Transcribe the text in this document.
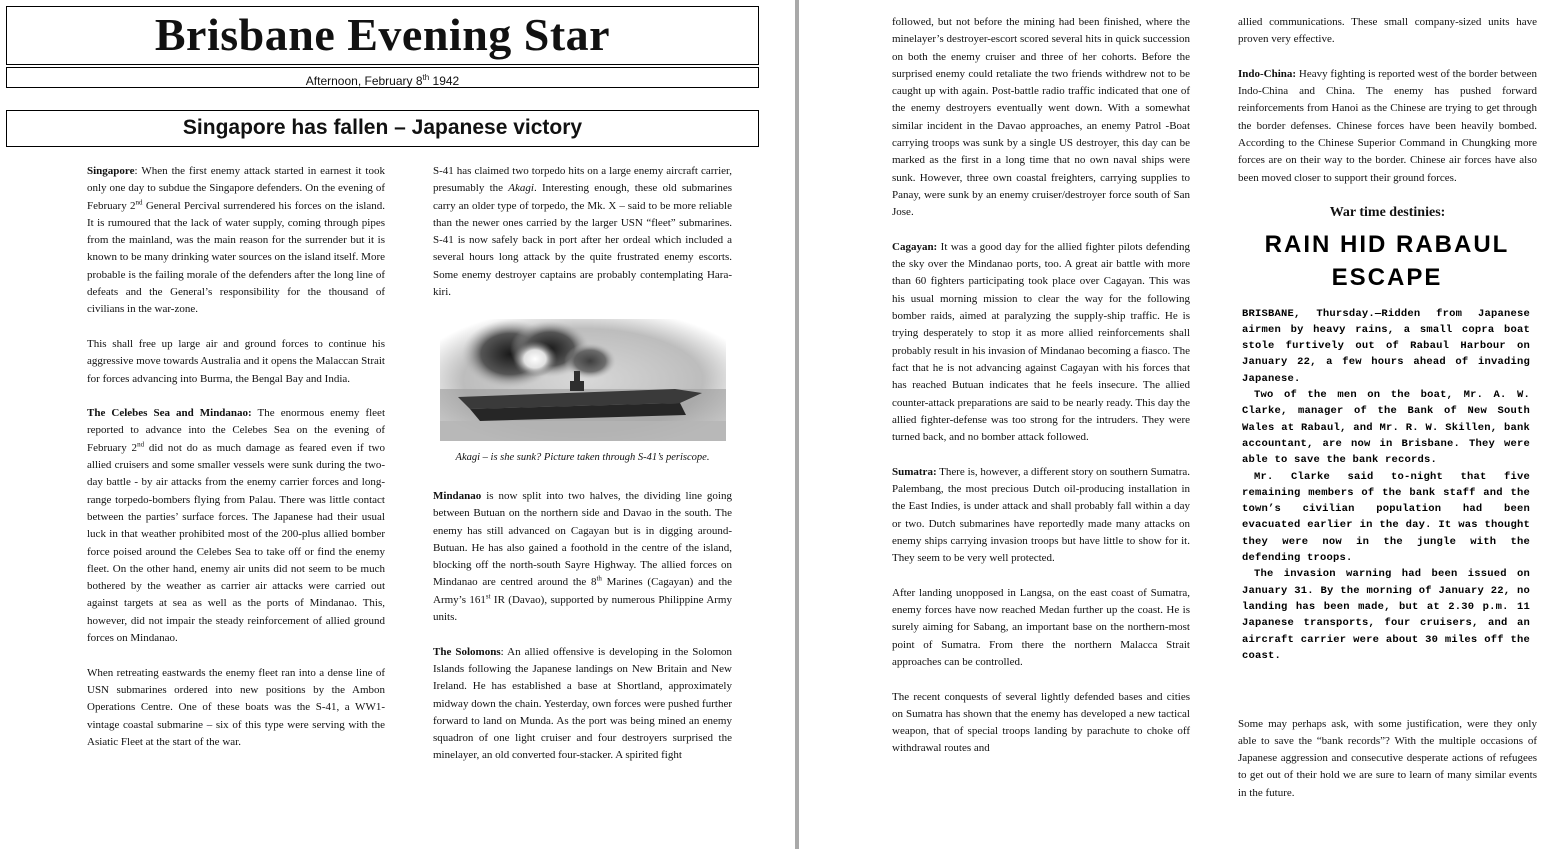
Brisbane Evening Star
Afternoon, February 8th 1942
Singapore has fallen – Japanese victory

Singapore: When the first enemy attack started in earnest it took only one day to subdue the Singapore defenders. On the evening of February 2nd General Percival surrendered his forces on the island. It is rumoured that the lack of water supply, coming through pipes from the mainland, was the main reason for the surrender but it is known to be many drinking water sources on the island itself. More probable is the failing morale of the defenders after the long line of defeats and the General’s responsibility for the thousand of civilians in the war-zone.

This shall free up large air and ground forces to continue his aggressive move towards Australia and it opens the Malaccan Strait for forces advancing into Burma, the Bengal Bay and India.

The Celebes Sea and Mindanao: The enormous enemy fleet reported to advance into the Celebes Sea on the evening of February 2nd did not do as much damage as feared even if two allied cruisers and some smaller vessels were sunk during the two-day battle - by air attacks from the enemy carrier forces and long-range torpedo-bombers flying from Palau. There was little contact between the parties’ surface forces. The Japanese had their usual luck in that weather prohibited most of the 200-plus allied bomber force poised around the Celebes Sea to take off or find the enemy fleet. On the other hand, enemy air units did not seem to be much bothered by the weather as carrier air attacks were carried out against targets at sea as well as the ports of Mindanao. This, however, did not impair the steady reinforcement of allied ground forces on Mindanao.

When retreating eastwards the enemy fleet ran into a dense line of USN submarines ordered into new positions by the Ambon Operations Centre. One of these boats was the S-41, a WW1-vintage coastal submarine – six of this type were serving with the Asiatic Fleet at the start of the war.

S-41 has claimed two torpedo hits on a large enemy aircraft carrier, presumably the Akagi. Interesting enough, these old submarines carry an older type of torpedo, the Mk. X – said to be more reliable than the newer ones carried by the larger USN “fleet” submarines. S-41 is now safely back in port after her ordeal which included a several hours long attack by the quite frustrated enemy escorts. Some enemy destroyer captains are probably contemplating Hara-kiri.

Akagi – is she sunk? Picture taken through S-41’s periscope.

Mindanao is now split into two halves, the dividing line going between Butuan on the northern side and Davao in the south. The enemy has still advanced on Cagayan but is in digging around-Butuan. He has also gained a foothold in the centre of the island, blocking off the north-south Sayre Highway. The allied forces on Mindanao are centred around the 8th Marines (Cagayan) and the Army’s 161st IR (Davao), supported by numerous Philippine Army units.

The Solomons: An allied offensive is developing in the Solomon Islands following the Japanese landings on New Britain and New Ireland. He has established a base at Shortland, approximately midway down the chain. Yesterday, own forces were pushed further forward to land on Munda. As the port was being mined an enemy squadron of one light cruiser and four destroyers surprised the minelayer, an old converted four-stacker. A spirited fight

followed, but not before the mining had been finished, where the minelayer’s destroyer-escort scored several hits in quick succession on both the enemy cruiser and three of her cohorts. Before the surprised enemy could retaliate the two friends withdrew not to be caught up with again. Post-battle radio traffic indicated that one of the enemy destroyers eventually went down. With a somewhat similar incident in the Davao approaches, an enemy Patrol -Boat carrying troops was sunk by a single US destroyer, this day can be marked as the first in a long time that no own naval ships were sunk. However, three own coastal freighters, carrying supplies to Panay, were sunk by an enemy cruiser/destroyer force south of San Jose.

Cagayan: It was a good day for the allied fighter pilots defending the sky over the Mindanao ports, too. A great air battle with more than 60 fighters participating took place over Cagayan. This was his usual morning mission to clear the way for the following bomber raids, aimed at paralyzing the supply-ship traffic. He is trying desperately to stop it as more allied reinforcements shall probably result in his invasion of Mindanao becoming a fiasco. The fact that he is not advancing against Cagayan with his forces that has reached Butuan indicates that he feels insecure. The allied counter-attack preparations are said to be nearly ready. This day the allied fighter-defense was too strong for the intruders. They were turned back, and no bomber attack followed.

Sumatra: There is, however, a different story on southern Sumatra. Palembang, the most precious Dutch oil-producing installation in the East Indies, is under attack and shall probably fall within a day or two. Dutch submarines have reportedly made many attacks on enemy ships carrying invasion troops but have little to show for it. They seem to be very well protected.

After landing unopposed in Langsa, on the east coast of Sumatra, enemy forces have now reached Medan further up the coast. He is surely aiming for Sabang, an important base on the northern-most point of Sumatra. From there the northern Malacca Strait approaches can be controlled.

The recent conquests of several lightly defended bases and cities on Sumatra has shown that the enemy has developed a new tactical weapon, that of special troops landing by parachute to choke off withdrawal routes and

allied communications. These small company-sized units have proven very effective.

Indo-China: Heavy fighting is reported west of the border between Indo-China and China. The enemy has pushed forward reinforcements from Hanoi as the Chinese are trying to get through the border defenses. Chinese forces have been heavily bombed. According to the Chinese Superior Command in Chungking more forces are on their way to the border. Chinese air forces have also been moved closer to support their ground forces.

War time destinies:

RAIN HID RABAUL
ESCAPE

BRISBANE, Thursday.—Ridden from Japanese airmen by heavy rains, a small copra boat stole furtively out of Rabaul Harbour on January 22, a few hours ahead of invading Japanese.

Two of the men on the boat, Mr. A. W. Clarke, manager of the Bank of New South Wales at Rabaul, and Mr. R. W. Skillen, bank accountant, are now in Brisbane. They were able to save the bank records.

Mr. Clarke said to-night that five remaining members of the bank staff and the town’s civilian population had been evacuated earlier in the day. It was thought they were now in the jungle with the defending troops.

The invasion warning had been issued on January 31. By the morning of January 22, no landing has been made, but at 2.30 p.m. 11 Japanese transports, four cruisers, and an aircraft carrier were about 30 miles off the coast.

Some may perhaps ask, with some justification, were they only able to save the “bank records”? With the multiple occasions of Japanese aggression and consecutive desperate actions of refugees to get out of their hold we are sure to learn of many similar events in the future.
